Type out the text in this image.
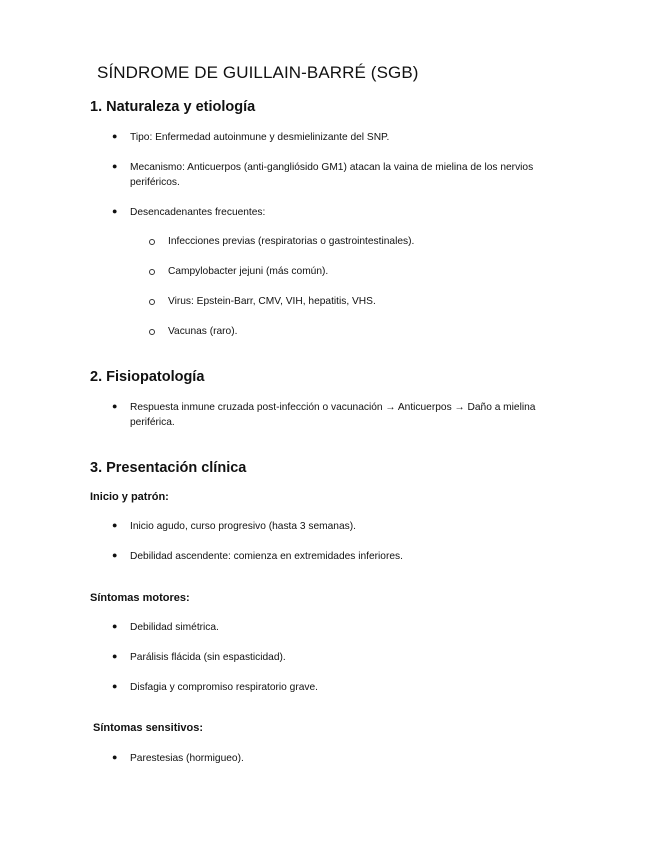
SÍNDROME DE GUILLAIN-BARRÉ (SGB)
1. Naturaleza y etiología
● Tipo: Enfermedad autoinmune y desmielinizante del SNP.
● Mecanismo: Anticuerpos (anti-gangliósido GM1) atacan la vaina de mielina de los nervios periféricos.
● Desencadenantes frecuentes:
Infecciones previas (respiratorias o gastrointestinales).
Campylobacter jejuni (más común).
Virus: Epstein-Barr, CMV, VIH, hepatitis, VHS.
Vacunas (raro).
2. Fisiopatología
● Respuesta inmune cruzada post-infección o vacunación → Anticuerpos → Daño a mielina periférica.
3. Presentación clínica
Inicio y patrón:
● Inicio agudo, curso progresivo (hasta 3 semanas).
● Debilidad ascendente: comienza en extremidades inferiores.
Síntomas motores:
● Debilidad simétrica.
● Parálisis flácida (sin espasticidad).
● Disfagia y compromiso respiratorio grave.
Síntomas sensitivos:
● Parestesias (hormigueo).
